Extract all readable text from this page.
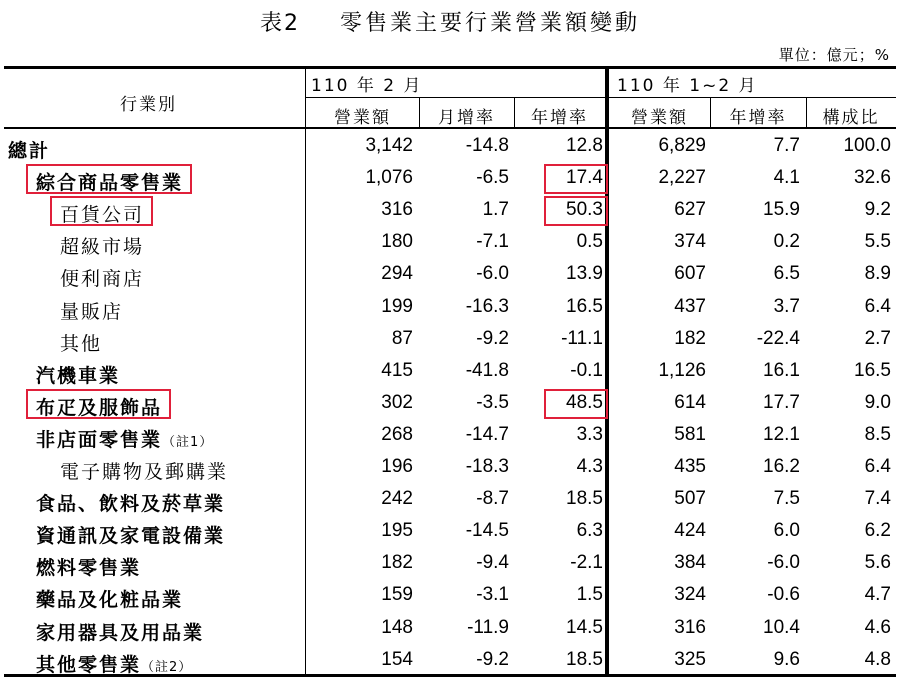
表2 零售業主要行業營業額變動
單位：億元；%
行業別
110 年 2 月	110 年 1~2 月
營業額	月增率	年增率	營業額	年增率	構成比
總計	3,142	-14.8	12.8	6,829	7.7	100.0
綜合商品零售業	1,076	-6.5	17.4	2,227	4.1	32.6
百貨公司	316	1.7	50.3	627	15.9	9.2
超級市場	180	-7.1	0.5	374	0.2	5.5
便利商店	294	-6.0	13.9	607	6.5	8.9
量販店	199	-16.3	16.5	437	3.7	6.4
其他	87	-9.2	-11.1	182	-22.4	2.7
汽機車業	415	-41.8	-0.1	1,126	16.1	16.5
布疋及服飾品	302	-3.5	48.5	614	17.7	9.0
非店面零售業（註1）	268	-14.7	3.3	581	12.1	8.5
電子購物及郵購業	196	-18.3	4.3	435	16.2	6.4
食品、飲料及菸草業	242	-8.7	18.5	507	7.5	7.4
資通訊及家電設備業	195	-14.5	6.3	424	6.0	6.2
燃料零售業	182	-9.4	-2.1	384	-6.0	5.6
藥品及化粧品業	159	-3.1	1.5	324	-0.6	4.7
家用器具及用品業	148	-11.9	14.5	316	10.4	4.6
其他零售業（註2）	154	-9.2	18.5	325	9.6	4.8
